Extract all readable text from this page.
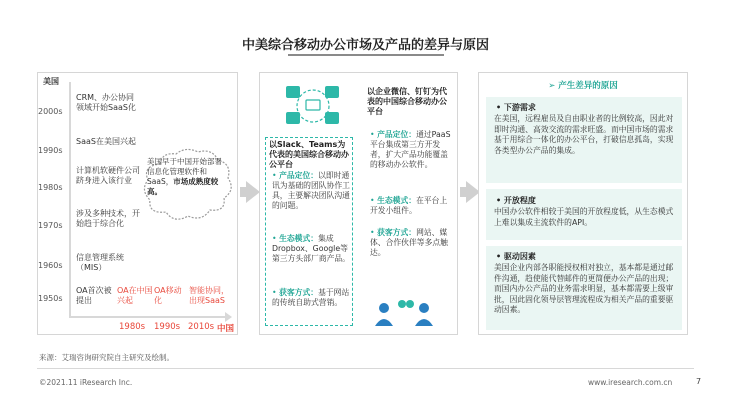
中美综合移动办公市场及产品的差异与原因
美国
2000s
1990s
1980s
1970s
1960s
1950s
CRM、办公协同领域开始SaaS化
SaaS在美国兴起
计算机软硬件公司跻身进入该行业
涉及多种技术，开始趋于综合化
信息管理系统（MIS）
OA首次被提出
OA在中国兴起
OA移动化
智能协同，出现SaaS
1980s 1990s 2010s 中国
美国早于中国开始部署信息化管理软件和SaaS，市场成熟度较高。
以Slack、Teams为代表的美国综合移动办公平台
• 产品定位：以即时通讯为基础的团队协作工具，主要解决团队沟通的问题。
• 生态模式：集成Dropbox、Google等第三方头部厂商产品。
• 获客方式：基于网站的传统自助式营销。
以企业微信、钉钉为代表的中国综合移动办公平台
• 产品定位：通过PaaS平台集成第三方开发者，扩大产品功能覆盖的移动办公软件。
• 生态模式：在平台上开发小组件。
• 获客方式：网站、媒体、合作伙伴等多点触达。
➢ 产生差异的原因
• 下游需求
在美国，远程雇员及自由职业者的比例较高，因此对即时沟通、高效交流的需求旺盛。而中国市场的需求基于用综合一体化的办公平台，打破信息孤岛，实现各类型办公产品的集成。
• 开放程度
中国办公软件相较于美国的开放程度低，从生态模式上难以集成主流软件的API。
• 驱动因素
美国企业内部各职能授权相对独立，基本都是通过邮件沟通，趋使能代替邮件的更简便办公产品的出现；而国内办公产品的业务需求明显，基本都需要上级审批，因此固化领导层管理流程成为相关产品的重要驱动因素。
来源：艾瑞咨询研究院自主研究及绘制。
©2021.11 iResearch Inc.	www.iresearch.com.cn	7
